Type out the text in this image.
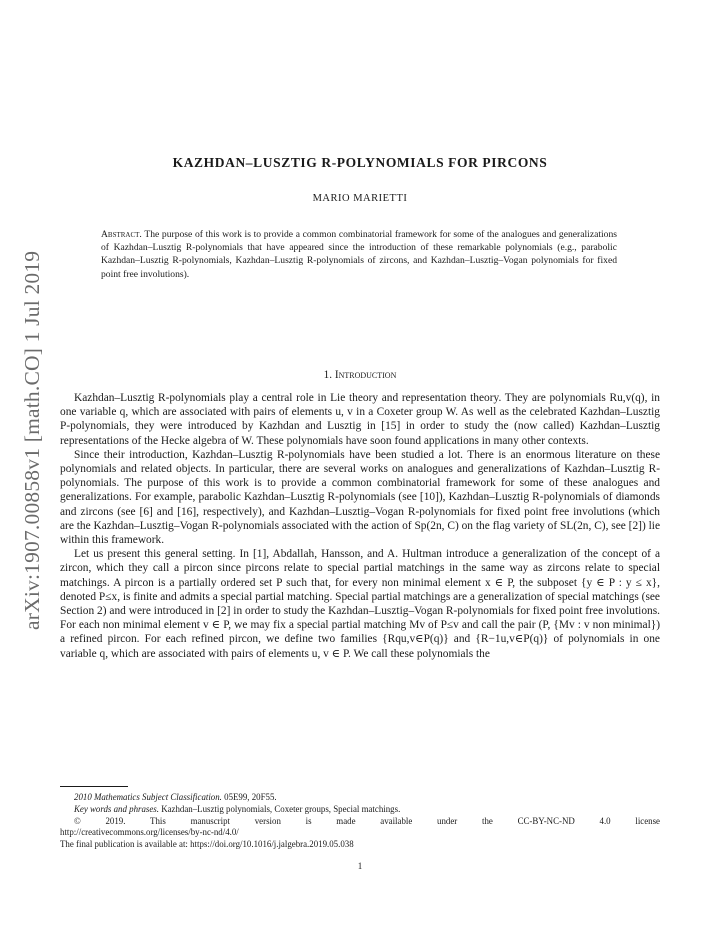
arXiv:1907.00858v1 [math.CO] 1 Jul 2019
KAZHDAN–LUSZTIG R-POLYNOMIALS FOR PIRCONS
MARIO MARIETTI
Abstract. The purpose of this work is to provide a common combinatorial framework for some of the analogues and generalizations of Kazhdan–Lusztig R-polynomials that have appeared since the introduction of these remarkable polynomials (e.g., parabolic Kazhdan–Lusztig R-polynomials, Kazhdan–Lusztig R-polynomials of zircons, and Kazhdan–Lusztig–Vogan polynomials for fixed point free involutions).
1. Introduction

Kazhdan–Lusztig R-polynomials play a central role in Lie theory and representation theory. They are polynomials Ru,v(q), in one variable q, which are associated with pairs of elements u, v in a Coxeter group W. As well as the celebrated Kazhdan–Lusztig P-polynomials, they were introduced by Kazhdan and Lusztig in [15] in order to study the (now called) Kazhdan–Lusztig representations of the Hecke algebra of W. These polynomials have soon found applications in many other contexts.

Since their introduction, Kazhdan–Lusztig R-polynomials have been studied a lot. There is an enormous literature on these polynomials and related objects. In particular, there are several works on analogues and generalizations of Kazhdan–Lusztig R-polynomials. The purpose of this work is to provide a common combinatorial framework for some of these analogues and generalizations. For example, parabolic Kazhdan–Lusztig R-polynomials (see [10]), Kazhdan–Lusztig R-polynomials of diamonds and zircons (see [6] and [16], respectively), and Kazhdan–Lusztig–Vogan R-polynomials for fixed point free involutions (which are the Kazhdan–Lusztig–Vogan R-polynomials associated with the action of Sp(2n, C) on the flag variety of SL(2n, C), see [2]) lie within this framework.

Let us present this general setting. In [1], Abdallah, Hansson, and A. Hultman introduce a generalization of the concept of a zircon, which they call a pircon since pircons relate to special partial matchings in the same way as zircons relate to special matchings. A pircon is a partially ordered set P such that, for every non minimal element x ∈ P, the subposet {y ∈ P : y ≤ x}, denoted P≤x, is finite and admits a special partial matching. Special partial matchings are a generalization of special matchings (see Section 2) and were introduced in [2] in order to study the Kazhdan–Lusztig–Vogan R-polynomials for fixed point free involutions. For each non minimal element v ∈ P, we may fix a special partial matching Mv of P≤v and call the pair (P, {Mv : v non minimal}) a refined pircon. For each refined pircon, we define two families {Rqu,v∈P(q)} and {R−1u,v∈P(q)} of polynomials in one variable q, which are associated with pairs of elements u, v ∈ P. We call these polynomials the

2010 Mathematics Subject Classification. 05E99, 20F55.
Key words and phrases. Kazhdan–Lusztig polynomials, Coxeter groups, Special matchings.
© 2019. This manuscript version is made available under the CC-BY-NC-ND 4.0 license
http://creativecommons.org/licenses/by-nc-nd/4.0/
The final publication is available at: https://doi.org/10.1016/j.jalgebra.2019.05.038
1
